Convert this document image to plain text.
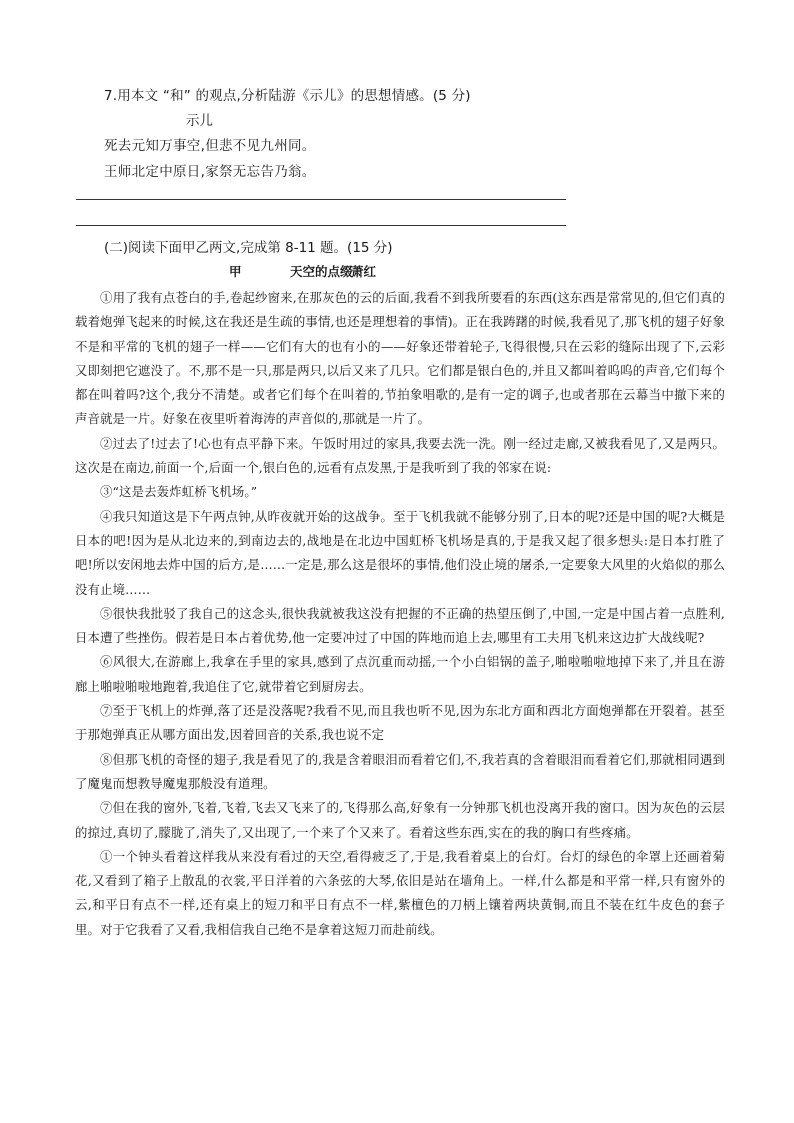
7.用本文 “和” 的观点,分析陆游《示儿》的思想情感。(5 分)
示儿
死去元知万事空,但悲不见九州同。
王师北定中原日,家祭无忘告乃翁。
(二)阅读下面甲乙两文,完成第 8-11 题。(15 分)
甲	天空的点缀
萧红

①用了我有点苍白的手,卷起纱窗来,在那灰色的云的后面,我看不到我所要看的东西(这东西是常常见的,但它们真的载着炮弹飞起来的时候,这在我还是生疏的事情,也还是理想着的事情)。正在我踌躇的时候,我看见了,那飞机的翅子好象不是和平常的飞机的翅子一样——它们有大的也有小的——好象还带着轮子,飞得很慢,只在云彩的缝际出现了下,云彩又即刻把它遮没了。不,那不是一只,那是两只,以后又来了几只。它们都是银白色的,并且又都叫着呜呜的声音,它们每个都在叫着吗?这个,我分不清楚。或者它们每个在叫着的,节拍象唱歌的,是有一定的调子,也或者那在云幕当中撤下来的声音就是一片。好象在夜里听着海涛的声音似的,那就是一片了。

②过去了!过去了!心也有点平静下来。午饭时用过的家具,我要去洗一洗。刚一经过走廊,又被我看见了,又是两只。这次是在南边,前面一个,后面一个,银白色的,远看有点发黑,于是我听到了我的邻家在说:

③“这是去轰炸虹桥飞机场。”

④我只知道这是下午两点钟,从昨夜就开始的这战争。至于飞机我就不能够分别了,日本的呢?还是中国的呢?大概是日本的吧!因为是从北边来的,到南边去的,战地是在北边中国虹桥飞机场是真的,于是我又起了很多想头:是日本打胜了吧!所以安闲地去炸中国的后方,是……一定是,那么这是很坏的事情,他们没止境的屠杀,一定要象大风里的火焰似的那么没有止境……

⑤很快我批驳了我自己的这念头,很快我就被我这没有把握的不正确的热望压倒了,中国,一定是中国占着一点胜利,日本遭了些挫伤。假若是日本占着优势,他一定要冲过了中国的阵地而追上去,哪里有工夫用飞机来这边扩大战线呢?

⑥风很大,在游廊上,我拿在手里的家具,感到了点沉重而动摇,一个小白铝锅的盖子,啪啦啪啦地掉下来了,并且在游廊上啪啦啪啦地跑着,我追住了它,就带着它到厨房去。

⑦至于飞机上的炸弹,落了还是没落呢?我看不见,而且我也听不见,因为东北方面和西北方面炮弹都在开裂着。甚至于那炮弹真正从哪方面出发,因着回音的关系,我也说不定

⑧但那飞机的奇怪的翅子,我是看见了的,我是含着眼泪而看着它们,不,我若真的含着眼泪而看着它们,那就相同遇到了魔鬼而想教导魔鬼那般没有道理。

⑦但在我的窗外,飞着,飞着,飞去又飞来了的,飞得那么高,好象有一分钟那飞机也没离开我的窗口。因为灰色的云层的掠过,真切了,朦胧了,消失了,又出现了,一个来了个又来了。看着这些东西,实在的我的胸口有些疼痛。

①一个钟头看着这样我从来没有看过的天空,看得疲乏了,于是,我看着桌上的台灯。台灯的绿色的伞罩上还画着菊花,又看到了箱子上散乱的衣裳,平日洋着的六条弦的大琴,依旧是站在墙角上。一样,什么都是和平常一样,只有窗外的云,和平日有点不一样,还有桌上的短刀和平日有点不一样,紫檀色的刀柄上镶着两块黄铜,而且不装在红牛皮色的套子里。对于它我看了又看,我相信我自己绝不是拿着这短刀而赴前线。
